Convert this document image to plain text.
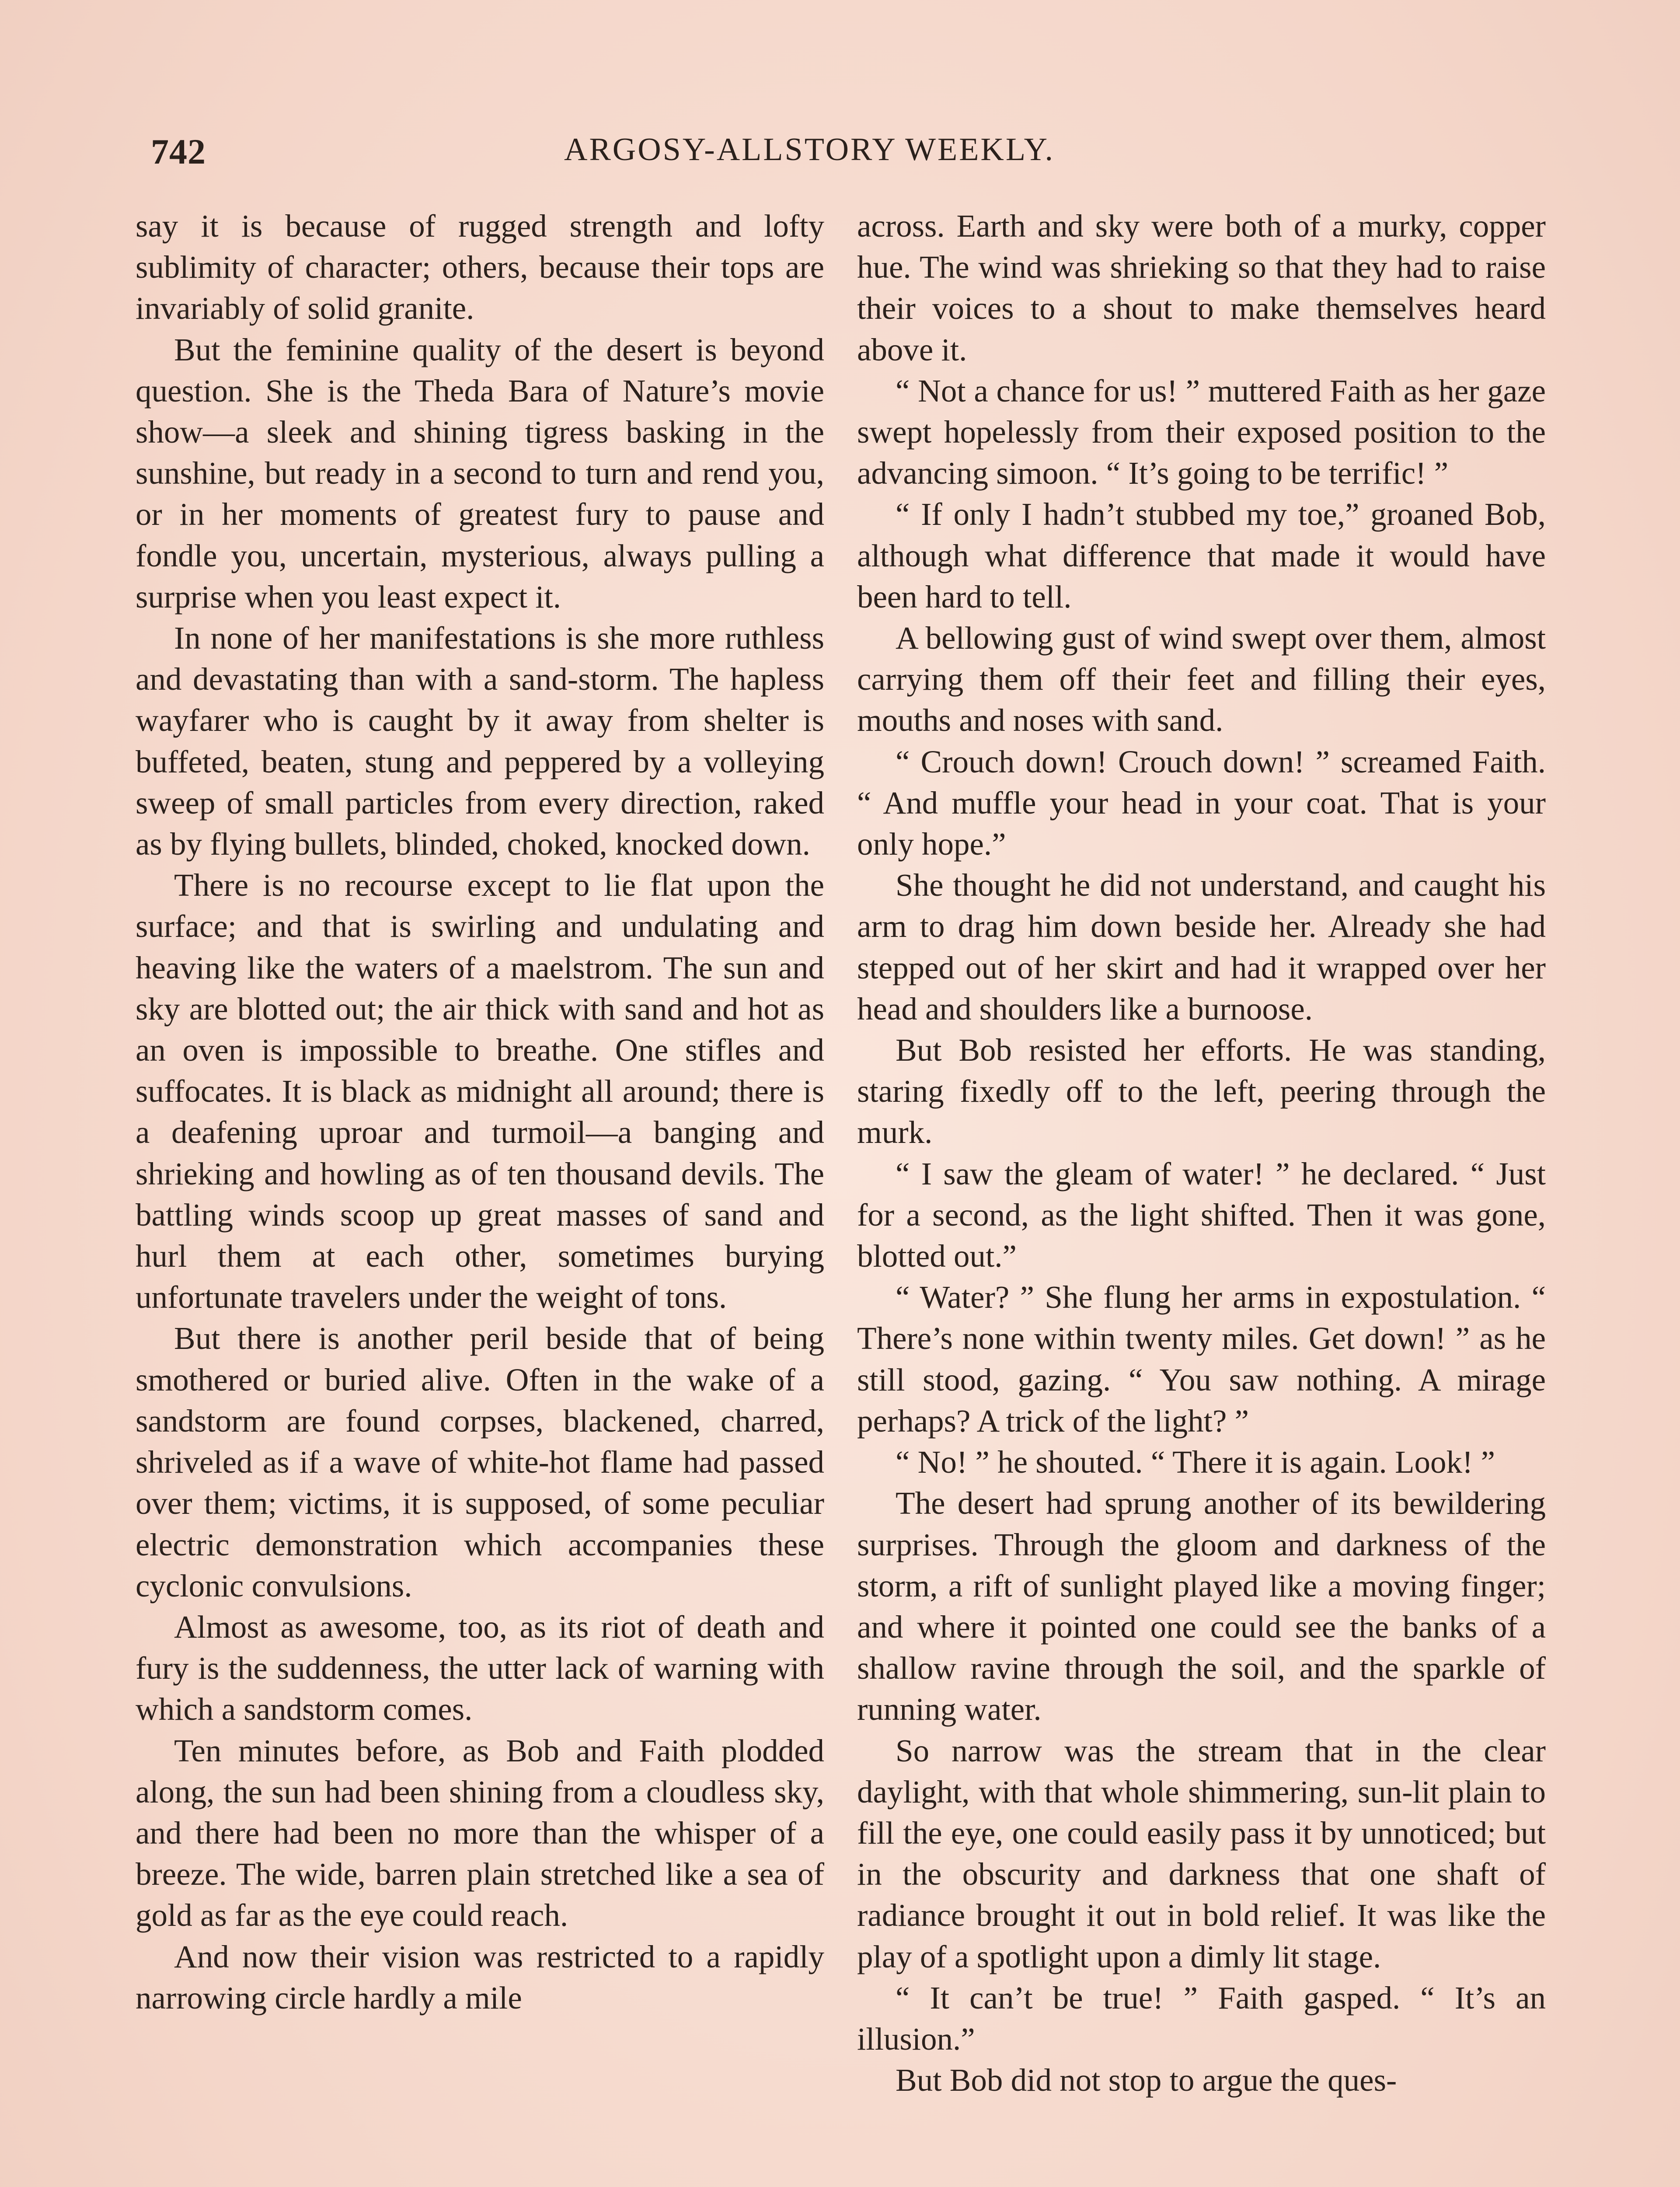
742	ARGOSY-ALLSTORY WEEKLY.

say it is because of rugged strength and lofty sublimity of character; others, because their tops are invariably of solid granite.

But the feminine quality of the desert is beyond question. She is the Theda Bara of Nature’s movie show—a sleek and shining tigress basking in the sunshine, but ready in a second to turn and rend you, or in her moments of greatest fury to pause and fondle you, uncertain, mysterious, always pulling a surprise when you least expect it.

In none of her manifestations is she more ruthless and devastating than with a sand-storm. The hapless wayfarer who is caught by it away from shelter is buffeted, beaten, stung and peppered by a volleying sweep of small particles from every direction, raked as by flying bullets, blinded, choked, knocked down.

There is no recourse except to lie flat upon the surface; and that is swirling and undulating and heaving like the waters of a maelstrom. The sun and sky are blotted out; the air thick with sand and hot as an oven is impossible to breathe. One stifles and suffocates. It is black as midnight all around; there is a deafening uproar and turmoil—a banging and shrieking and howling as of ten thousand devils. The battling winds scoop up great masses of sand and hurl them at each other, sometimes burying unfortunate travelers under the weight of tons.

But there is another peril beside that of being smothered or buried alive. Often in the wake of a sandstorm are found corpses, blackened, charred, shriveled as if a wave of white-hot flame had passed over them; victims, it is supposed, of some peculiar electric demonstration which accompanies these cyclonic convulsions.

Almost as awesome, too, as its riot of death and fury is the suddenness, the utter lack of warning with which a sandstorm comes.

Ten minutes before, as Bob and Faith plodded along, the sun had been shining from a cloudless sky, and there had been no more than the whisper of a breeze. The wide, barren plain stretched like a sea of gold as far as the eye could reach.

And now their vision was restricted to a rapidly narrowing circle hardly a mile

across. Earth and sky were both of a murky, copper hue. The wind was shrieking so that they had to raise their voices to a shout to make themselves heard above it.

“ Not a chance for us! ” muttered Faith as her gaze swept hopelessly from their exposed position to the advancing simoon. “ It’s going to be terrific! ”

“ If only I hadn’t stubbed my toe,” groaned Bob, although what difference that made it would have been hard to tell.

A bellowing gust of wind swept over them, almost carrying them off their feet and filling their eyes, mouths and noses with sand.

“ Crouch down! Crouch down! ” screamed Faith. “ And muffle your head in your coat. That is your only hope.”

She thought he did not understand, and caught his arm to drag him down beside her. Already she had stepped out of her skirt and had it wrapped over her head and shoulders like a burnoose.

But Bob resisted her efforts. He was standing, staring fixedly off to the left, peering through the murk.

“ I saw the gleam of water! ” he declared. “ Just for a second, as the light shifted. Then it was gone, blotted out.”

“ Water? ” She flung her arms in expostulation. “ There’s none within twenty miles. Get down! ” as he still stood, gazing. “ You saw nothing. A mirage perhaps? A trick of the light? ”

“ No! ” he shouted. “ There it is again. Look! ”

The desert had sprung another of its bewildering surprises. Through the gloom and darkness of the storm, a rift of sunlight played like a moving finger; and where it pointed one could see the banks of a shallow ravine through the soil, and the sparkle of running water.

So narrow was the stream that in the clear daylight, with that whole shimmering, sun-lit plain to fill the eye, one could easily pass it by unnoticed; but in the obscurity and darkness that one shaft of radiance brought it out in bold relief. It was like the play of a spotlight upon a dimly lit stage.

“ It can’t be true! ” Faith gasped. “ It’s an illusion.”

But Bob did not stop to argue the ques-
